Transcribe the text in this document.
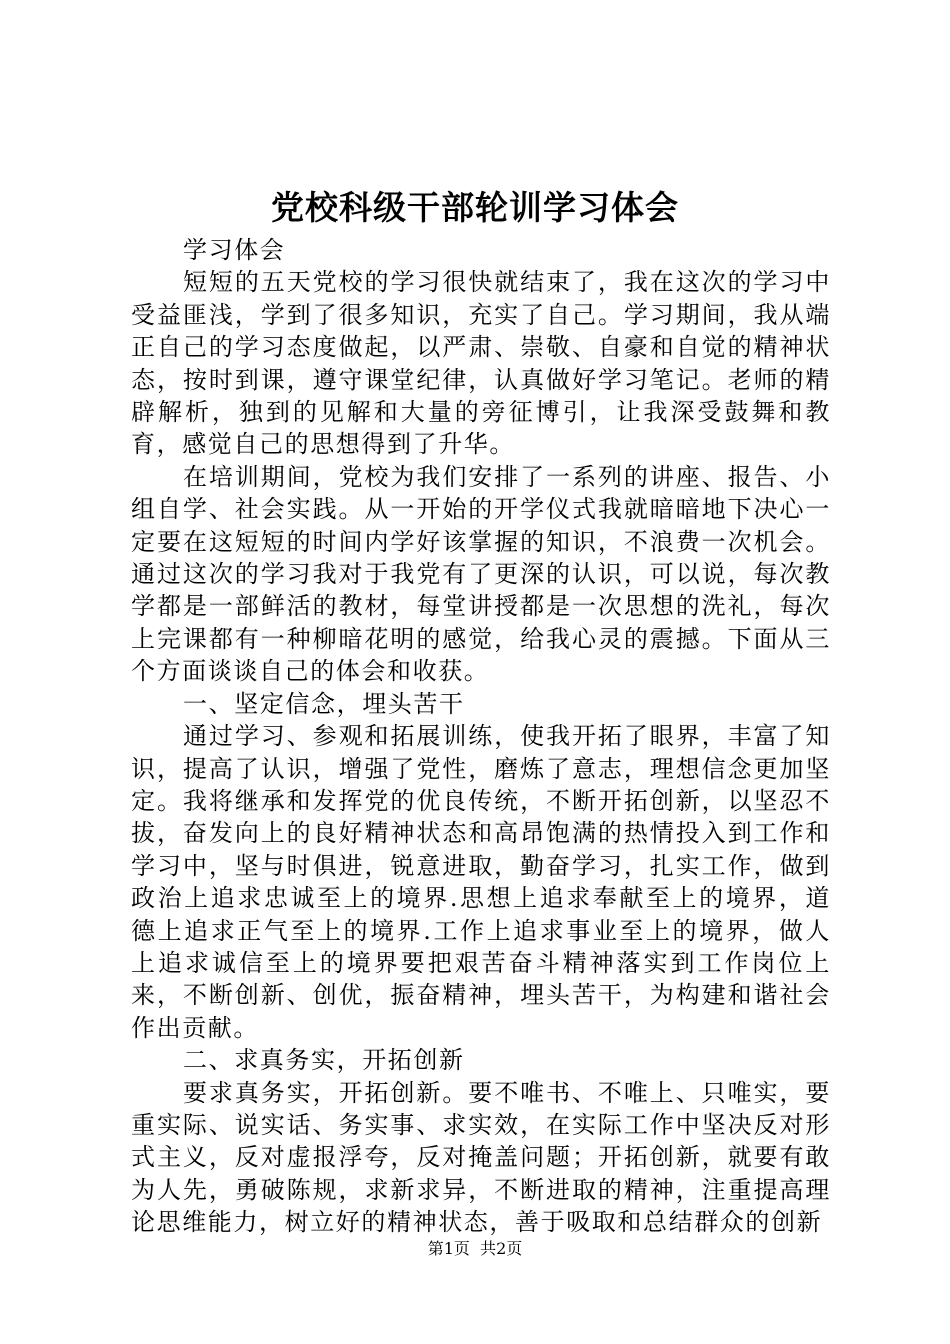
党校科级干部轮训学习体会

学习体会

短短的五天党校的学习很快就结束了，我在这次的学习中受益匪浅，学到了很多知识，充实了自己。学习期间，我从端正自己的学习态度做起，以严肃、崇敬、自豪和自觉的精神状态，按时到课，遵守课堂纪律，认真做好学习笔记。老师的精辟解析，独到的见解和大量的旁征博引，让我深受鼓舞和教育，感觉自己的思想得到了升华。

在培训期间，党校为我们安排了一系列的讲座、报告、小组自学、社会实践。从一开始的开学仪式我就暗暗地下决心一定要在这短短的时间内学好该掌握的知识，不浪费一次机会。通过这次的学习我对于我党有了更深的认识，可以说，每次教学都是一部鲜活的教材，每堂讲授都是一次思想的洗礼，每次上完课都有一种柳暗花明的感觉，给我心灵的震撼。下面从三个方面谈谈自己的体会和收获。

一、坚定信念，埋头苦干

通过学习、参观和拓展训练，使我开拓了眼界，丰富了知识，提高了认识，增强了党性，磨炼了意志，理想信念更加坚定。我将继承和发挥党的优良传统，不断开拓创新，以坚忍不拔，奋发向上的良好精神状态和高昂饱满的热情投入到工作和学习中，坚与时俱进，锐意进取，勤奋学习，扎实工作，做到政治上追求忠诚至上的境界.思想上追求奉献至上的境界，道德上追求正气至上的境界.工作上追求事业至上的境界，做人上追求诚信至上的境界要把艰苦奋斗精神落实到工作岗位上来，不断创新、创优，振奋精神，埋头苦干，为构建和谐社会作出贡献。

二、求真务实，开拓创新

要求真务实，开拓创新。要不唯书、不唯上、只唯实，要重实际、说实话、务实事、求实效，在实际工作中坚决反对形式主义，反对虚报浮夸，反对掩盖问题；开拓创新，就要有敢为人先，勇破陈规，求新求异，不断进取的精神，注重提高理论思维能力，树立好的精神状态，善于吸取和总结群众的创新

第1页  共2页
